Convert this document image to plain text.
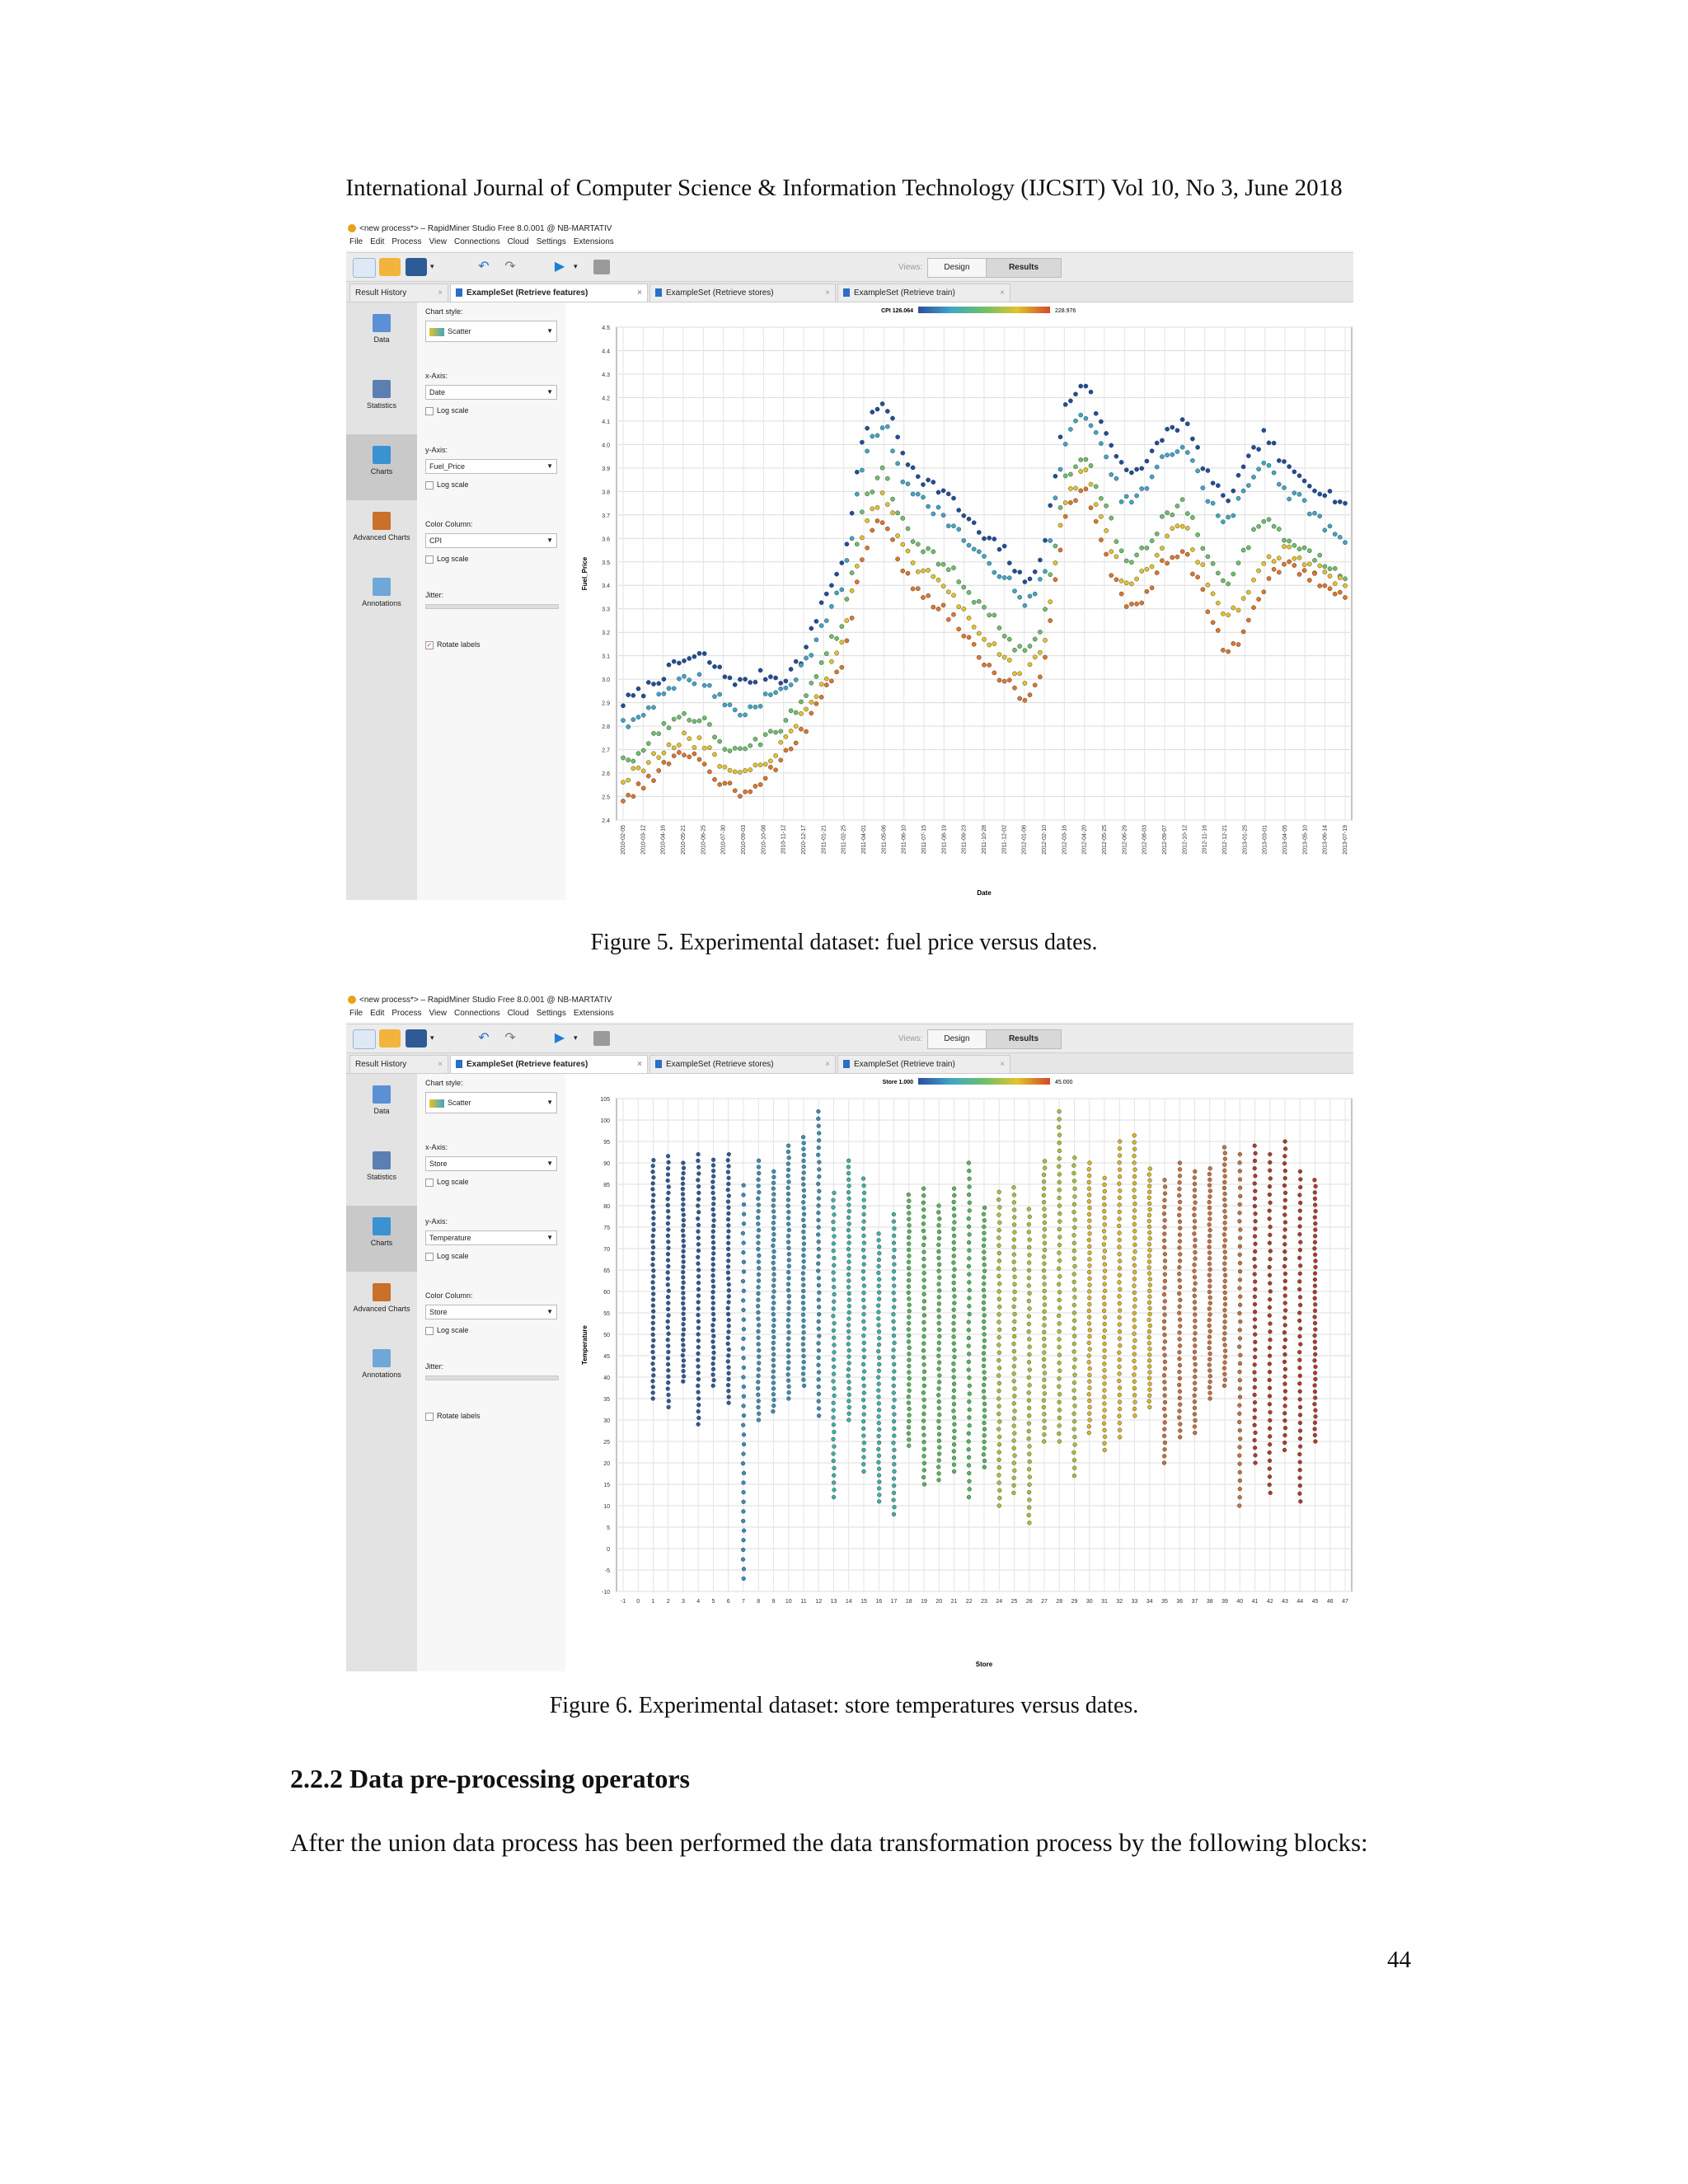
International Journal of Computer Science & Information Technology (IJCSIT) Vol 10, No 3, June 2018
<new process*> – RapidMiner Studio Free 8.0.001 @ NB-MARTATIV
File Edit Process View Connections Cloud Settings Extensions
▾	↶	↷	▶	▾	Views:	Design	Results
Result History	×	ExampleSet (Retrieve features)	×	ExampleSet (Retrieve stores)	×	ExampleSet (Retrieve train)	×
Data
Statistics
Charts
Advanced Charts
Annotations
Chart style:
Scatter	▼
x-Axis:
Date	▼
Log scale
y-Axis:
Fuel_Price	▼
Log scale
Color Column:
CPI	▼
Log scale
Jitter:
✓ Rotate labels
2.4
2.5
2.6
2.7
2.8
2.9
3.0
3.1
3.2
3.3
3.4
3.5
3.6
3.7
3.8
3.9
4.0
4.1
4.2
4.3
4.4
4.5
2010-02-05 2010-03-12 2010-04-16 2010-05-21 2010-06-25 2010-07-30 2010-09-03 2010-10-08 2010-11-12 2010-12-17 2011-01-21 2011-02-25 2011-04-01 2011-05-06 2011-06-10 2011-07-15 2011-08-19 2011-09-23 2011-10-28 2011-12-02 2012-01-06 2012-02-10 2012-03-16 2012-04-20 2012-05-25 2012-06-29 2012-08-03 2012-09-07 2012-10-12 2012-11-16 2012-12-21 2013-01-25 2013-03-01 2013-04-05 2013-05-10 2013-06-14 2013-07-19
Date
Fuel_Price
CPI 126.064	228.976
Figure 5. Experimental dataset: fuel price versus dates.
<new process*> – RapidMiner Studio Free 8.0.001 @ NB-MARTATIV
File Edit Process View Connections Cloud Settings Extensions
▾	↶	↷	▶	▾	Views:	Design	Results
Result History	×	ExampleSet (Retrieve features)	×	ExampleSet (Retrieve stores)	×	ExampleSet (Retrieve train)	×
Data
Statistics
Charts
Advanced Charts
Annotations
Chart style:
Scatter	▼
x-Axis:
Store	▼
Log scale
y-Axis:
Temperature	▼
Log scale
Color Column:
Store	▼
Log scale
Jitter:
Rotate labels
-10
-5
0
5
10
15
20
25
30
35
40
45
50
55
60
65
70
75
80
85
90
95
100
105
-1 0 1 2 3 4 5 6 7 8 9 10 11 12 13 14 15 16 17 18 19 20 21 22 23 24 25 26 27 28 29 30 31 32 33 34 35 36 37 38 39 40 41 42 43 44 45 46 47
Store
Temperature
Store 1.000	45.000
Figure 6. Experimental dataset: store temperatures versus dates.
2.2.2 Data pre-processing operators
After the union data process has been performed the data transformation process by the following blocks:
44
